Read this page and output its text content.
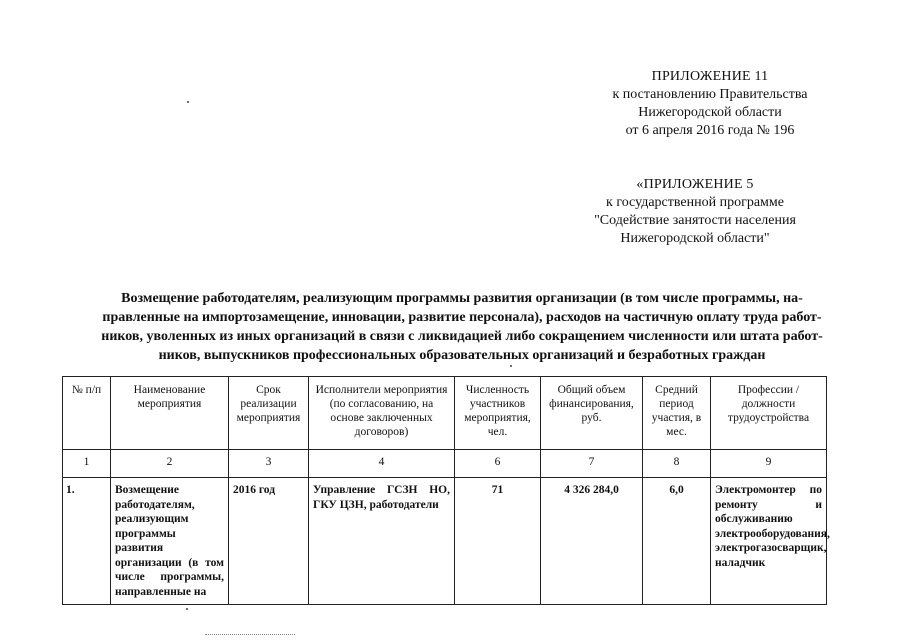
ПРИЛОЖЕНИЕ 11
к постановлению Правительства
Нижегородской области
от 6 апреля 2016 года № 196
«ПРИЛОЖЕНИЕ 5
к государственной программе
"Содействие занятости населения
Нижегородской области"
Возмещение работодателям, реализующим программы развития организации (в том числе программы, на-
правленные на импортозамещение, инновации, развитие персонала), расходов на частичную оплату труда работ-
ников, уволенных из иных организаций в связи с ликвидацией либо сокращением численности или штата работ-
ников, выпускников профессиональных образовательных организаций и безработных граждан
№ п/п	Наименование мероприятия	Срок реализации мероприятия	Исполнители мероприятия (по согласованию, на основе заключенных договоров)	Численность участников мероприятия, чел.	Общий объем финансирования, руб.	Средний период участия, в мес.	Профессии / должности трудоустройства
1	2	3	4	6	7	8	9
1.	Возмещение работодателям, реализующим программы развития организации (в том числе программы, направленные на	2016 год	Управление ГСЗН НО, ГКУ ЦЗН, работодатели	71	4 326 284,0	6,0	Электромонтер по ремонту и обслуживанию электрооборудования, электрогазосварщик, наладчик
